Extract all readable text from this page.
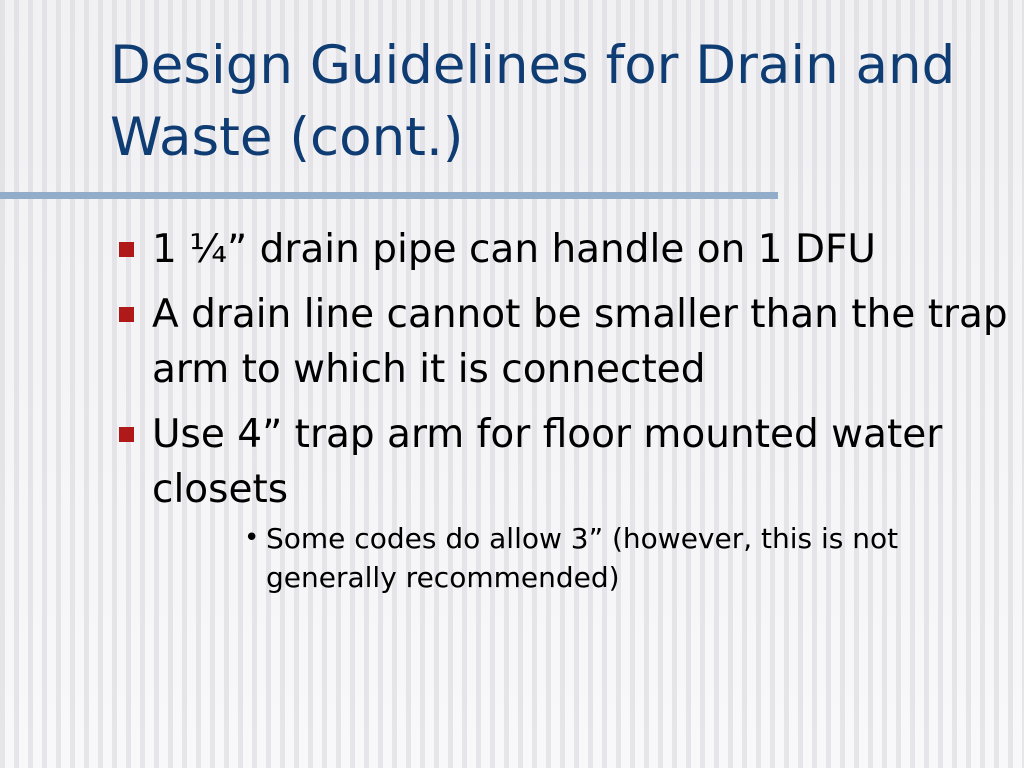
Design Guidelines for Drain and Waste (cont.)
1 ¼” drain pipe can handle on 1 DFU
A drain line cannot be smaller than the trap arm to which it is connected
Use 4” trap arm for floor mounted water closets
• Some codes do allow 3” (however, this is not generally recommended)
